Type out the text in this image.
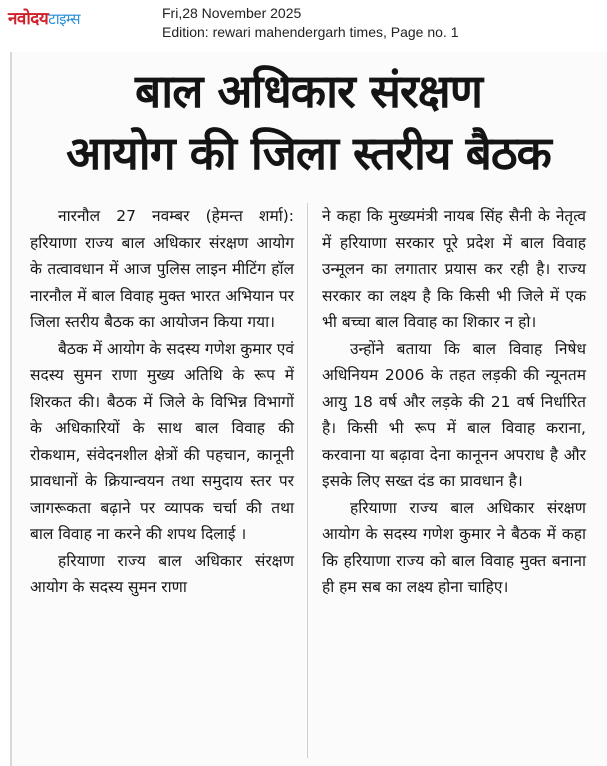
नवोदयटाइम्स	Fri,28 November 2025
Edition: rewari mahendergarh times, Page no. 1
बाल अधिकार संरक्षण
आयोग की जिला स्तरीय बैठक

नारनौल 27 नवम्बर (हेमन्त शर्मा): हरियाणा राज्य बाल अधिकार संरक्षण आयोग के तत्वावधान में आज पुलिस लाइन मीटिंग हॉल नारनौल में बाल विवाह मुक्त भारत अभियान पर जिला स्तरीय बैठक का आयोजन किया गया।

बैठक में आयोग के सदस्य गणेश कुमार एवं सदस्य सुमन राणा मुख्य अतिथि के रूप में शिरकत की। बैठक में जिले के विभिन्न विभागों के अधिकारियों के साथ बाल विवाह की रोकथाम, संवेदनशील क्षेत्रों की पहचान, कानूनी प्रावधानों के क्रियान्वयन तथा समुदाय स्तर पर जागरूकता बढ़ाने पर व्यापक चर्चा की तथा बाल विवाह ना करने की शपथ दिलाई ।

हरियाणा राज्य बाल अधिकार संरक्षण आयोग के सदस्य सुमन राणा

ने कहा कि मुख्यमंत्री नायब सिंह सैनी के नेतृत्व में हरियाणा सरकार पूरे प्रदेश में बाल विवाह उन्मूलन का लगातार प्रयास कर रही है। राज्य सरकार का लक्ष्य है कि किसी भी जिले में एक भी बच्चा बाल विवाह का शिकार न हो।

उन्होंने बताया कि बाल विवाह निषेध अधिनियम 2006 के तहत लड़की की न्यूनतम आयु 18 वर्ष और लड़के की 21 वर्ष निर्धारित है। किसी भी रूप में बाल विवाह कराना, करवाना या बढ़ावा देना कानूनन अपराध है और इसके लिए सख्त दंड का प्रावधान है।

हरियाणा राज्य बाल अधिकार संरक्षण आयोग के सदस्य गणेश कुमार ने बैठक में कहा कि हरियाणा राज्य को बाल विवाह मुक्त बनाना ही हम सब का लक्ष्य होना चाहिए।
